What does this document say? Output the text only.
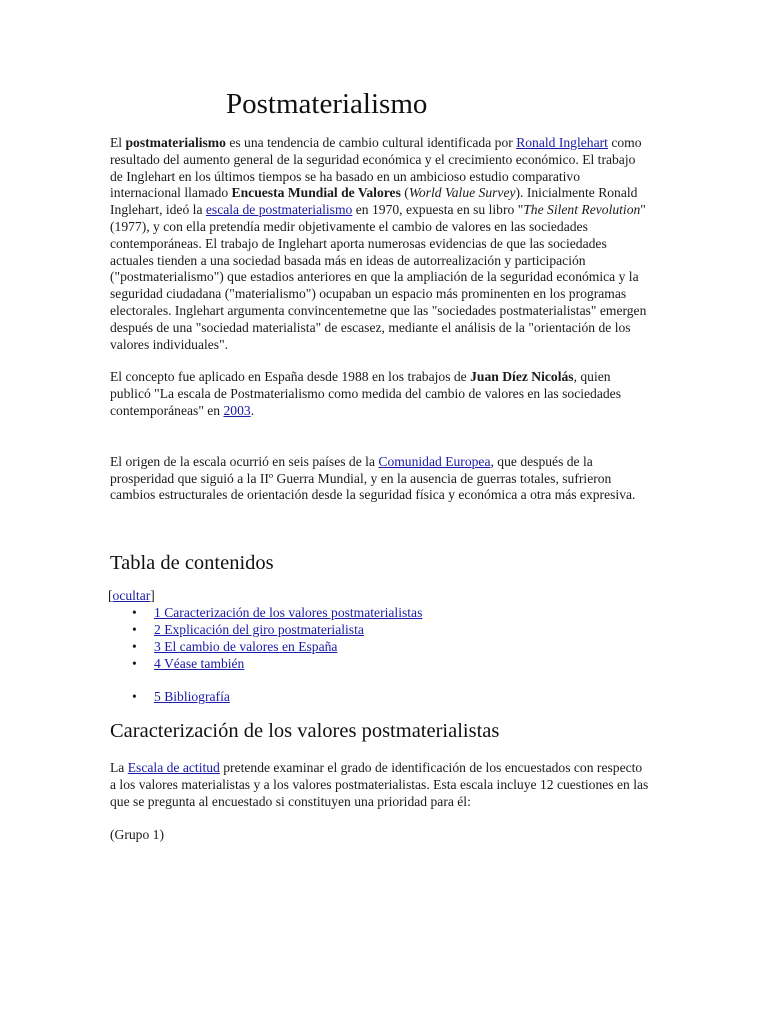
Postmaterialismo

El postmaterialismo es una tendencia de cambio cultural identificada por Ronald Inglehart como resultado del aumento general de la seguridad económica y el crecimiento económico. El trabajo de Inglehart en los últimos tiempos se ha basado en un ambicioso estudio comparativo internacional llamado Encuesta Mundial de Valores (World Value Survey). Inicialmente Ronald Inglehart, ideó la escala de postmaterialismo en 1970, expuesta en su libro "The Silent Revolution" (1977), y con ella pretendía medir objetivamente el cambio de valores en las sociedades contemporáneas. El trabajo de Inglehart aporta numerosas evidencias de que las sociedades actuales tienden a una sociedad basada más en ideas de autorrealización y participación ("postmaterialismo") que estadios anteriores en que la ampliación de la seguridad económica y la seguridad ciudadana ("materialismo") ocupaban un espacio más prominenten en los programas electorales. Inglehart argumenta convincentemetne que las "sociedades postmaterialistas" emergen después de una "sociedad materialista" de escasez, mediante el análisis de la "orientación de los valores individuales".

El concepto fue aplicado en España desde 1988 en los trabajos de Juan Díez Nicolás, quien publicó "La escala de Postmaterialismo como medida del cambio de valores en las sociedades contemporáneas" en 2003.

El origen de la escala ocurrió en seis países de la Comunidad Europea, que después de la prosperidad que siguió a la IIº Guerra Mundial, y en la ausencia de guerras totales, sufrieron cambios estructurales de orientación desde la seguridad física y económica a otra más expresiva.

Tabla de contenidos
[ocultar]
• 1 Caracterización de los valores postmaterialistas
• 2 Explicación del giro postmaterialista
• 3 El cambio de valores en España
• 4 Véase también
• 5 Bibliografía
Caracterización de los valores postmaterialistas

La Escala de actitud pretende examinar el grado de identificación de los encuestados con respecto a los valores materialistas y a los valores postmaterialistas. Esta escala incluye 12 cuestiones en las que se pregunta al encuestado si constituyen una prioridad para él:

(Grupo 1)
